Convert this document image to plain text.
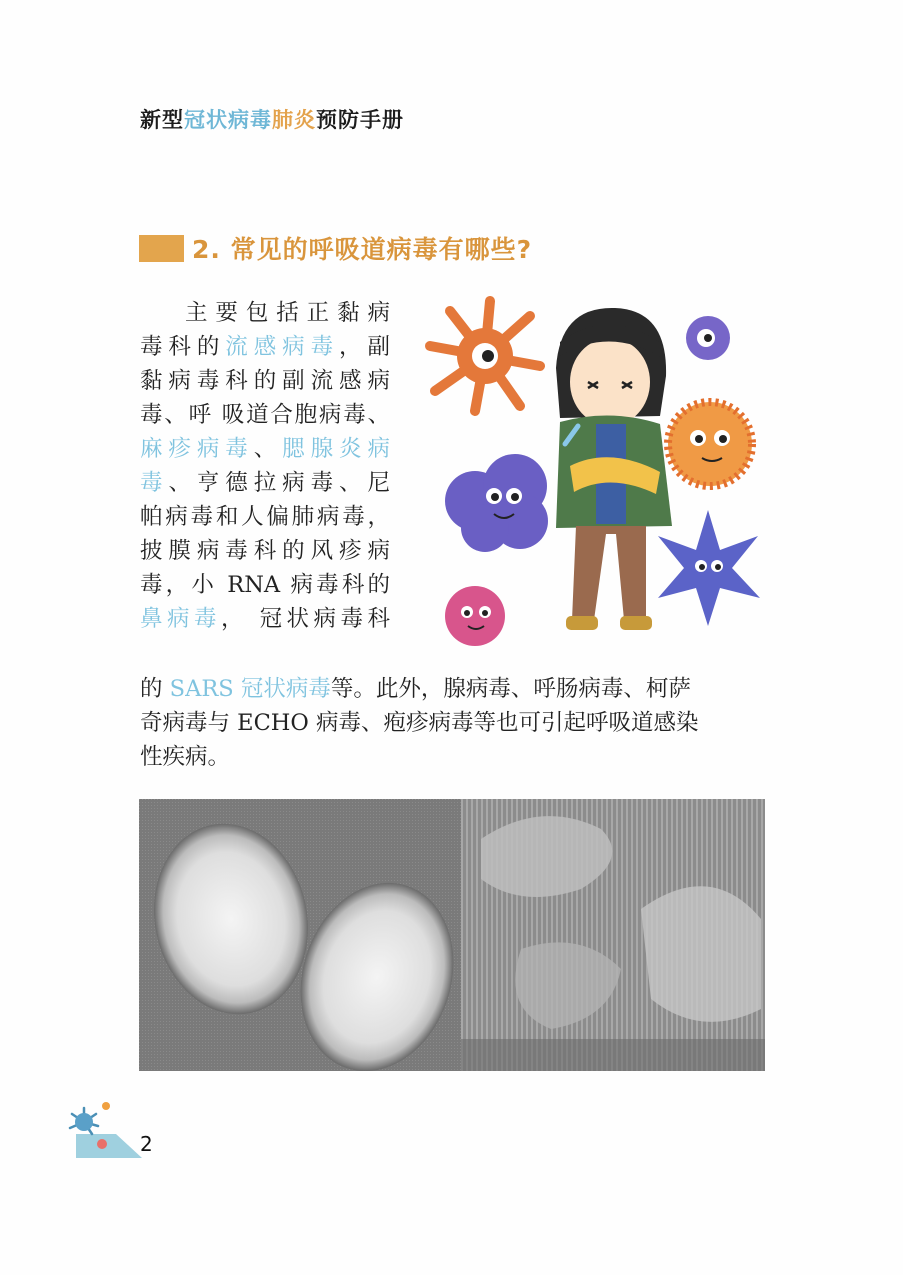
新型冠状病毒肺炎预防手册
2. 常见的呼吸道病毒有哪些?
主要包括正黏病
毒科的流感病毒，副
黏病毒科的副流感病
毒、呼 吸道合胞病毒、
麻疹病毒、腮腺炎病
毒、亨德拉病毒、尼
帕病毒和人偏肺病毒，
披膜病毒科的风疹病
毒，小 RNA 病毒科的
鼻病毒， 冠状病毒科
的 SARS 冠状病毒等。此外，腺病毒、呼肠病毒、柯萨
奇病毒与 ECHO 病毒、疱疹病毒等也可引起呼吸道感染
性疾病。
2
